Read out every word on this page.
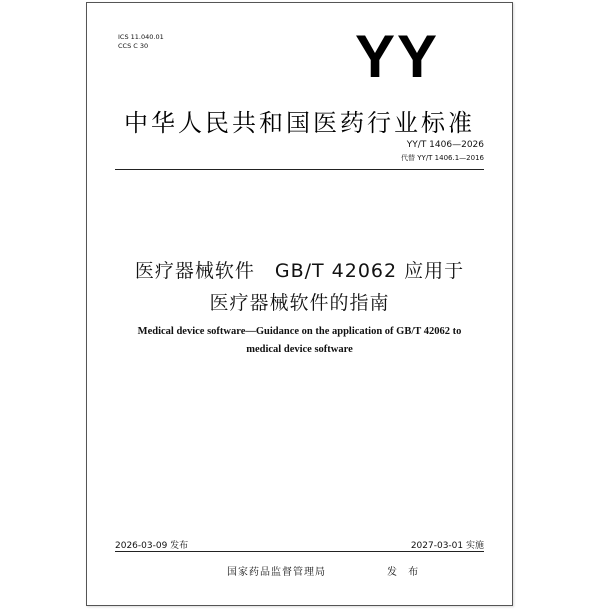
ICS 11.040.01
CCS C 30	YY
中华人民共和国医药行业标准
YY/T 1406—2026
代替 YY/T 1406.1—2016
医疗器械软件　GB/T 42062 应用于
医疗器械软件的指南
Medical device software—Guidance on the application of GB/T 42062 to
medical device software
2026-03-09 发布	2027-03-01 实施
国家药品监督管理局	发 布
